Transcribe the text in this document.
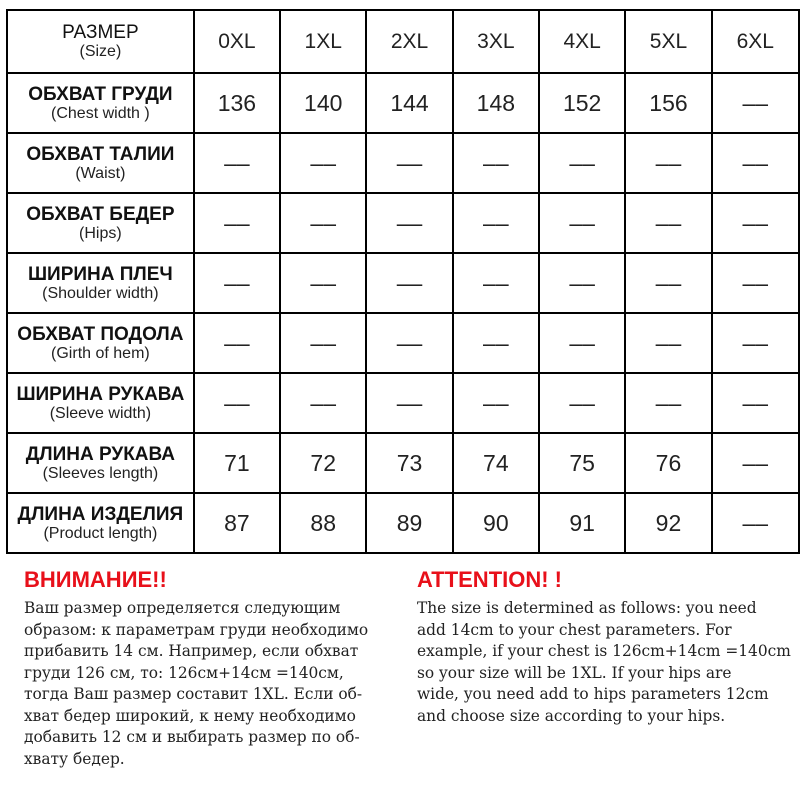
РАЗМЕР
(Size)	0XL	1XL	2XL	3XL	4XL	5XL	6XL

ОБХВАТ ГРУДИ
(Chest width )	136	140	144	148	152	156	––

ОБХВАТ ТАЛИИ
(Waist)	––	––	––	––	––	––	––

ОБХВАТ БЕДЕР
(Hips)	––	––	––	––	––	––	––

ШИРИНА ПЛЕЧ
(Shoulder width)	––	––	––	––	––	––	––

ОБХВАТ ПОДОЛА
(Girth of hem)	––	––	––	––	––	––	––

ШИРИНА РУКАВА
(Sleeve width)	––	––	––	––	––	––	––

ДЛИНА РУКАВА
(Sleeves length)	71	72	73	74	75	76	––

ДЛИНА ИЗДЕЛИЯ
(Product length)	87	88	89	90	91	92	––
ВНИМАНИЕ!!
Ваш размер определяется следующим
образом: к параметрам груди необходимо
прибавить 14 см. Например, если обхват
груди 126 см, то: 126см+14см =140см,
тогда Ваш размер составит 1XL. Если об-
хват бедер широкий, к нему необходимо
добавить 12 см и выбирать размер по об-
хвату бедер.
ATTENTION! !
The size is determined as follows: you need
add 14cm to your chest parameters. For
example, if your chest is 126cm+14cm =140cm
so your size will be 1XL. If your hips are
wide, you need add to hips parameters 12cm
and choose size according to your hips.
